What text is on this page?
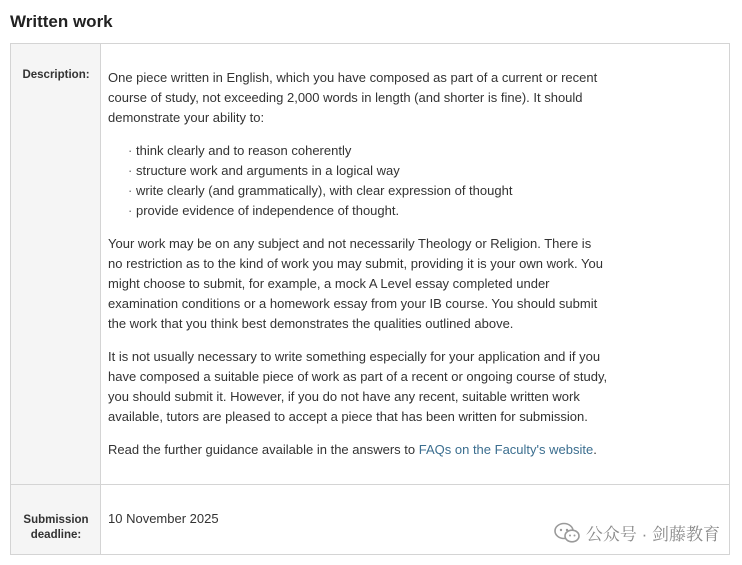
Written work
Description:	One piece written in English, which you have composed as part of a current or recent course of study, not exceeding 2,000 words in length (and shorter is fine). It should demonstrate your ability to:

· think clearly and to reason coherently
· structure work and arguments in a logical way
· write clearly (and grammatically), with clear expression of thought
· provide evidence of independence of thought.

Your work may be on any subject and not necessarily Theology or Religion. There is no restriction as to the kind of work you may submit, providing it is your own work. You might choose to submit, for example, a mock A Level essay completed under examination conditions or a homework essay from your IB course. You should submit the work that you think best demonstrates the qualities outlined above.

It is not usually necessary to write something especially for your application and if you have composed a suitable piece of work as part of a recent or ongoing course of study, you should submit it. However, if you do not have any recent, suitable written work available, tutors are pleased to accept a piece that has been written for submission.

Read the further guidance available in the answers to FAQs on the Faculty's website.

Submission
deadline:
10 November 2025
公众号 · 剑藤教育
